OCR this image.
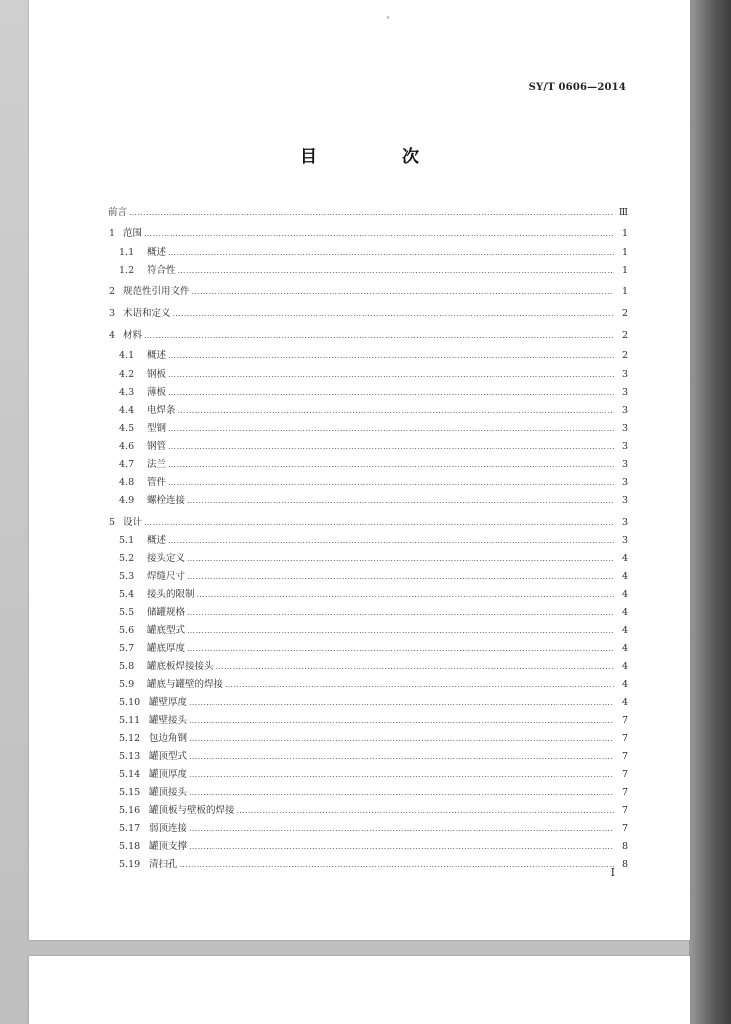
SY/T 0606—2014
目　次
前言 ……………………………………………………………………………………………………………………………………………………………………………………………………	Ⅲ
1 范围 ……………………………………………………………………………………………………………………………………………………………………………………………………	1
1.1	概述 ……………………………………………………………………………………………………………………………………………………………………………………………………	1
1.2	符合性 ……………………………………………………………………………………………………………………………………………………………………………………………………	1
2 规范性引用文件 ……………………………………………………………………………………………………………………………………………………………………………………………………	1
3 术语和定义 ……………………………………………………………………………………………………………………………………………………………………………………………………	2
4 材料 ……………………………………………………………………………………………………………………………………………………………………………………………………	2
4.1	概述 ……………………………………………………………………………………………………………………………………………………………………………………………………	2
4.2	钢板 ……………………………………………………………………………………………………………………………………………………………………………………………………	3
4.3	薄板 ……………………………………………………………………………………………………………………………………………………………………………………………………	3
4.4	电焊条 ……………………………………………………………………………………………………………………………………………………………………………………………………	3
4.5	型钢 ……………………………………………………………………………………………………………………………………………………………………………………………………	3
4.6	钢管 ……………………………………………………………………………………………………………………………………………………………………………………………………	3
4.7	法兰 ……………………………………………………………………………………………………………………………………………………………………………………………………	3
4.8	管件 ……………………………………………………………………………………………………………………………………………………………………………………………………	3
4.9	螺栓连接 ……………………………………………………………………………………………………………………………………………………………………………………………………	3
5 设计 ……………………………………………………………………………………………………………………………………………………………………………………………………	3
5.1	概述 ……………………………………………………………………………………………………………………………………………………………………………………………………	3
5.2	接头定义 ……………………………………………………………………………………………………………………………………………………………………………………………………	4
5.3	焊缝尺寸 ……………………………………………………………………………………………………………………………………………………………………………………………………	4
5.4	接头的限制 ……………………………………………………………………………………………………………………………………………………………………………………………………	4
5.5	储罐规格 ……………………………………………………………………………………………………………………………………………………………………………………………………	4
5.6	罐底型式 ……………………………………………………………………………………………………………………………………………………………………………………………………	4
5.7	罐底厚度 ……………………………………………………………………………………………………………………………………………………………………………………………………	4
5.8	罐底板焊接接头 ……………………………………………………………………………………………………………………………………………………………………………………………………	4
5.9	罐底与罐壁的焊接 ……………………………………………………………………………………………………………………………………………………………………………………………………	4
5.10 罐壁厚度 ……………………………………………………………………………………………………………………………………………………………………………………………………	4
5.11 罐壁接头 ……………………………………………………………………………………………………………………………………………………………………………………………………	7
5.12 包边角钢 ……………………………………………………………………………………………………………………………………………………………………………………………………	7
5.13 罐顶型式 ……………………………………………………………………………………………………………………………………………………………………………………………………	7
5.14 罐顶厚度 ……………………………………………………………………………………………………………………………………………………………………………………………………	7
5.15 罐顶接头 ……………………………………………………………………………………………………………………………………………………………………………………………………	7
5.16 罐顶板与壁板的焊接 ……………………………………………………………………………………………………………………………………………………………………………………………………	7
5.17 弱顶连接 ……………………………………………………………………………………………………………………………………………………………………………………………………	7
5.18 罐顶支撑 ……………………………………………………………………………………………………………………………………………………………………………………………………	8
5.19 清扫孔 ……………………………………………………………………………………………………………………………………………………………………………………………………	8
Ⅰ
